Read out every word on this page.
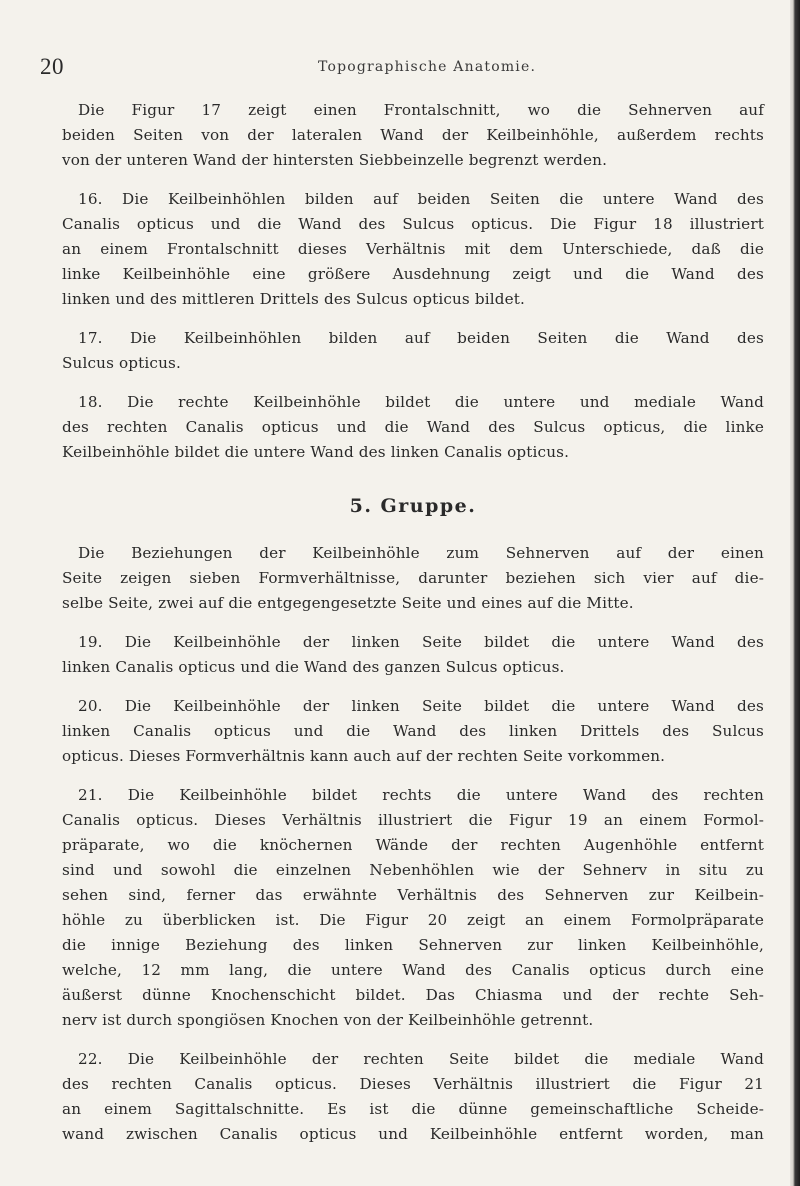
20	Topographische Anatomie.
Die Figur 17 zeigt einen Frontalschnitt, wo die Sehnerven auf
beiden Seiten von der lateralen Wand der Keilbeinhöhle, außerdem rechts
von der unteren Wand der hintersten Siebbeinzelle begrenzt werden.
16. Die Keilbeinhöhlen bilden auf beiden Seiten die untere Wand des
Canalis opticus und die Wand des Sulcus opticus. Die Figur 18 illustriert
an einem Frontalschnitt dieses Verhältnis mit dem Unterschiede, daß die
linke Keilbeinhöhle eine größere Ausdehnung zeigt und die Wand des
linken und des mittleren Drittels des Sulcus opticus bildet.
17. Die Keilbeinhöhlen bilden auf beiden Seiten die Wand des
Sulcus opticus.
18. Die rechte Keilbeinhöhle bildet die untere und mediale Wand
des rechten Canalis opticus und die Wand des Sulcus opticus, die linke
Keilbeinhöhle bildet die untere Wand des linken Canalis opticus.
5. Gruppe.
Die Beziehungen der Keilbeinhöhle zum Sehnerven auf der einen
Seite zeigen sieben Formverhältnisse, darunter beziehen sich vier auf die-
selbe Seite, zwei auf die entgegengesetzte Seite und eines auf die Mitte.
19. Die Keilbeinhöhle der linken Seite bildet die untere Wand des
linken Canalis opticus und die Wand des ganzen Sulcus opticus.
20. Die Keilbeinhöhle der linken Seite bildet die untere Wand des
linken Canalis opticus und die Wand des linken Drittels des Sulcus
opticus. Dieses Formverhältnis kann auch auf der rechten Seite vorkommen.
21. Die Keilbeinhöhle bildet rechts die untere Wand des rechten
Canalis opticus. Dieses Verhältnis illustriert die Figur 19 an einem Formol-
präparate, wo die knöchernen Wände der rechten Augenhöhle entfernt
sind und sowohl die einzelnen Nebenhöhlen wie der Sehnerv in situ zu
sehen sind, ferner das erwähnte Verhältnis des Sehnerven zur Keilbein-
höhle zu überblicken ist. Die Figur 20 zeigt an einem Formolpräparate
die innige Beziehung des linken Sehnerven zur linken Keilbeinhöhle,
welche, 12 mm lang, die untere Wand des Canalis opticus durch eine
äußerst dünne Knochenschicht bildet. Das Chiasma und der rechte Seh-
nerv ist durch spongiösen Knochen von der Keilbeinhöhle getrennt.
22. Die Keilbeinhöhle der rechten Seite bildet die mediale Wand
des rechten Canalis opticus. Dieses Verhältnis illustriert die Figur 21
an einem Sagittalschnitte. Es ist die dünne gemeinschaftliche Scheide-
wand zwischen Canalis opticus und Keilbeinhöhle entfernt worden, man
